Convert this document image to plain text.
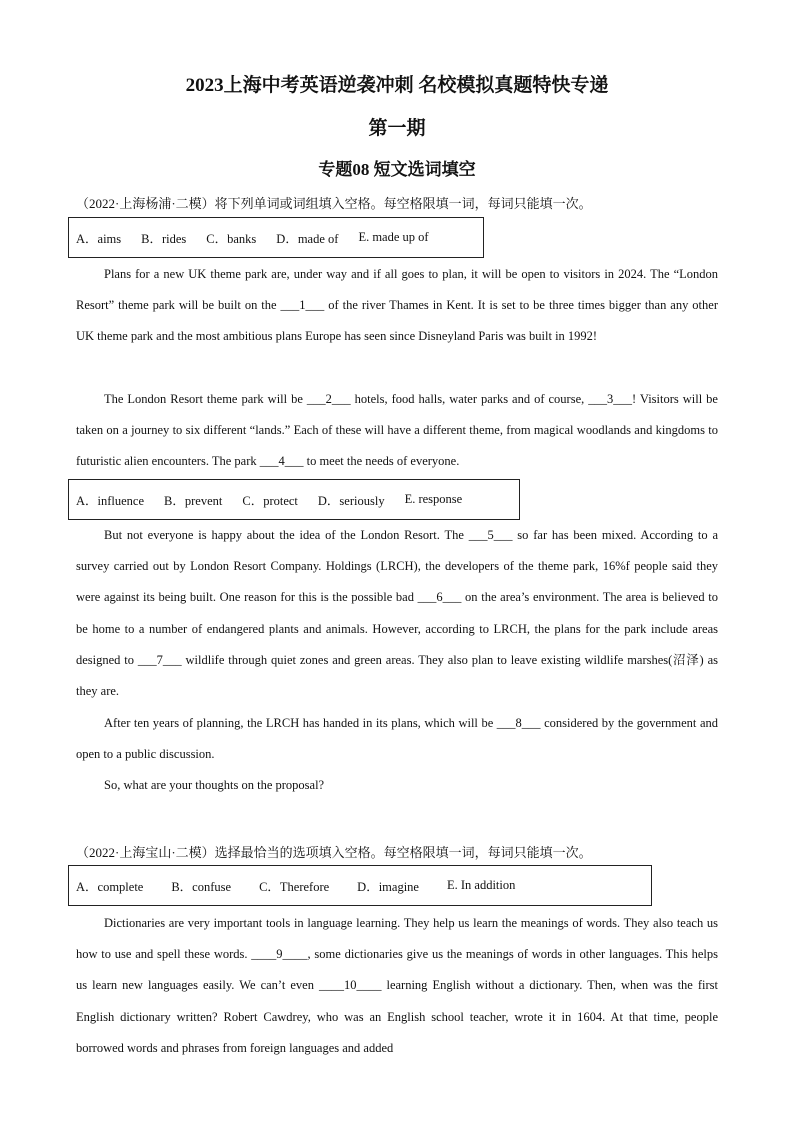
2023上海中考英语逆袭冲刺 名校模拟真题特快专递
第一期
专题08 短文选词填空
（2022·上海杨浦·二模）将下列单词或词组填入空格。每空格限填一词，每词只能填一次。
A．aims B．rides C．banks D．made of E. made up of

Plans for a new UK theme park are, under way and if all goes to plan, it will be open to visitors in 2024. The “London Resort” theme park will be built on the ___1___ of the river Thames in Kent. It is set to be three times bigger than any other UK theme park and the most ambitious plans Europe has seen since Disneyland Paris was built in 1992!

The London Resort theme park will be ___2___ hotels, food halls, water parks and of course, ___3___! Visitors will be taken on a journey to six different “lands.” Each of these will have a different theme, from magical woodlands and kingdoms to futuristic alien encounters. The park ___4___ to meet the needs of everyone.

A．influence B．prevent C．protect D．seriously E. response

But not everyone is happy about the idea of the London Resort. The ___5___ so far has been mixed. According to a survey carried out by London Resort Company. Holdings (LRCH), the developers of the theme park, 16%f people said they were against its being built. One reason for this is the possible bad ___6___ on the area’s environment. The area is believed to be home to a number of endangered plants and animals. However, according to LRCH, the plans for the park include areas designed to ___7___ wildlife through quiet zones and green areas. They also plan to leave existing wildlife marshes(沼泽) as they are.

After ten years of planning, the LRCH has handed in its plans, which will be ___8___ considered by the government and open to a public discussion.

So, what are your thoughts on the proposal?

（2022·上海宝山·二模）选择最恰当的选项填入空格。每空格限填一词，每词只能填一次。
A．complete B．confuse C．Therefore D．imagine E. In addition

Dictionaries are very important tools in language learning. They help us learn the meanings of words. They also teach us how to use and spell these words. ____9____, some dictionaries give us the meanings of words in other languages. This helps us learn new languages easily. We can’t even ____10____ learning English without a dictionary. Then, when was the first English dictionary written? Robert Cawdrey, who was an English school teacher, wrote it in 1604. At that time, people borrowed words and phrases from foreign languages and added
